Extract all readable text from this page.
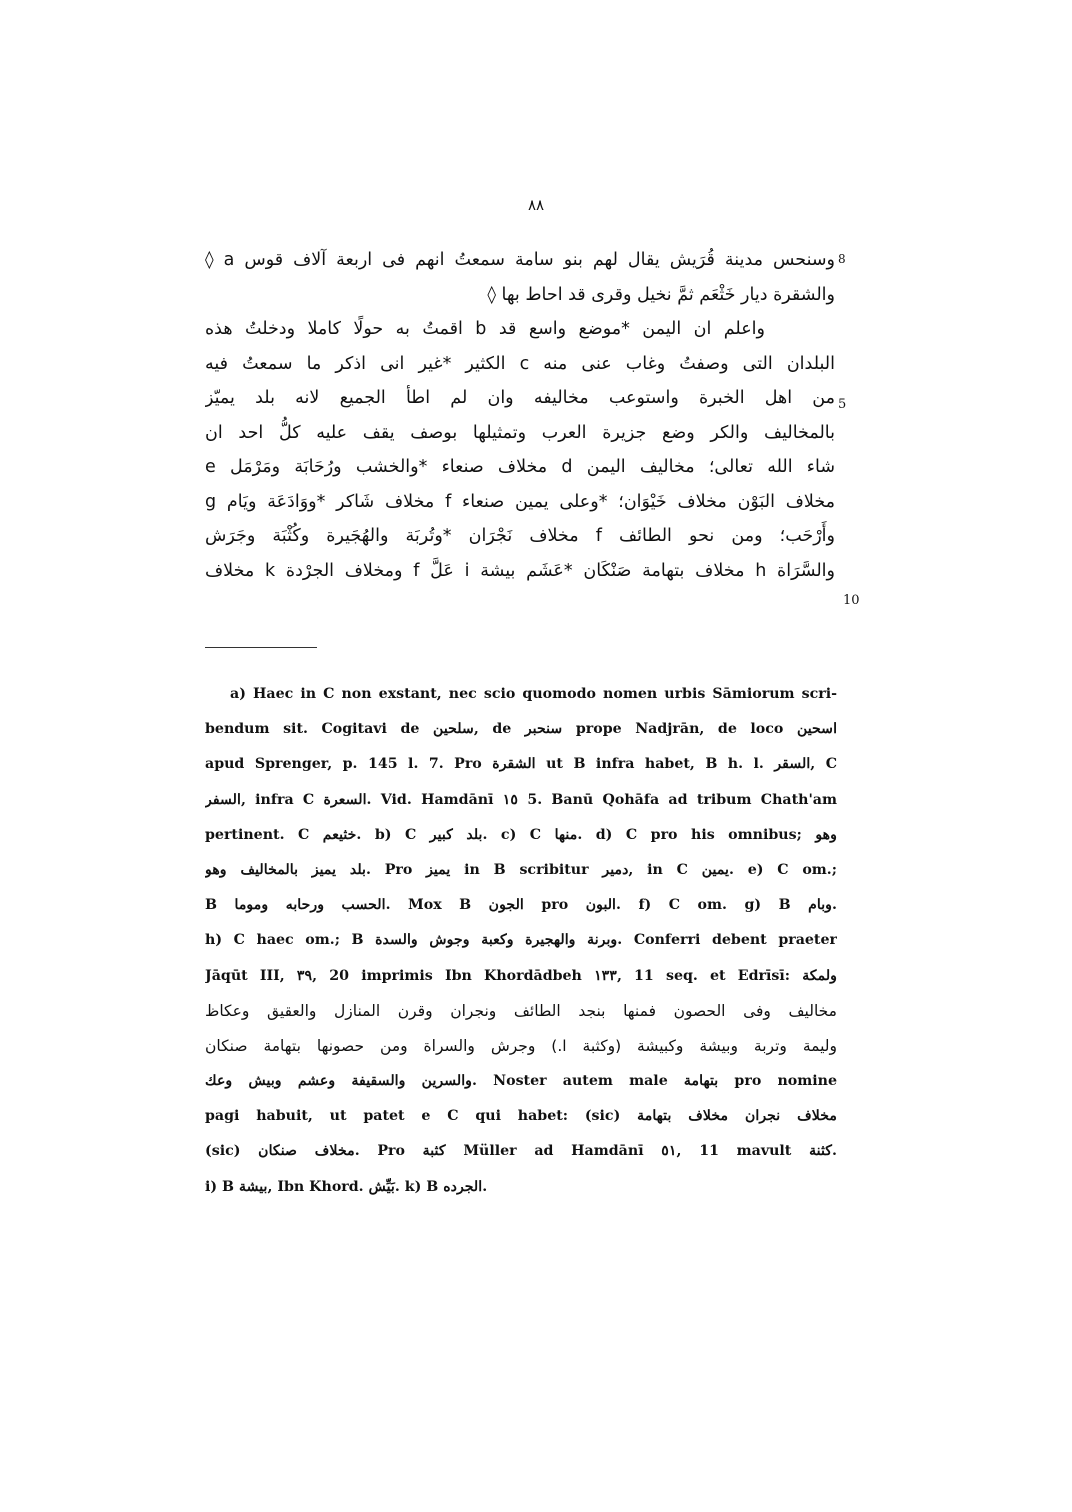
٨٨
8
وسنحس مدينة قُرَيش يقال لهم بنو سامة سمعتُ انهم فى اربعة آلاف قوس a ◊
والشقرة ديار خَثْعَم ثمَّ نخيل وقرى قد احاط بها ◊
واعلم ان اليمن *موضع واسع قد b اقمتُ به حولًا كاملا ودخلتُ هذه
البلدان التى وصفتُ وغاب عنى منه c الكثير *غير انى اذكر ما سمعتُ فيه
من اهل الخبرة واستوعب مخاليفه وان لم اطأ الجميع لانه بلد يميّز
بالمخاليف والكر وضع جزيرة العرب وتمثيلها بوصف يقف عليه كلُّ احد ان
شاء الله تعالى؛ مخاليف اليمن d مخلاف صنعاء *والخشب ورُحَابَة ومَرْمَل e
مخلاف البَوْن مخلاف خَيْوَان؛ *وعلى يمين صنعاء f مخلاف شَاكر *ووَادَعَة ويَام g
وأَرْحَب؛ ومن نحو الطائف f مخلاف نَجْرَان *وتُربَة والهُجَيرة وكُثْبَة وجَرَش
والسَّرَاة h مخلاف بتهامة صَنْكَان *عَشَم بيشة i عَلَّ f ومخلاف الجرْدة k مخلاف
5
10
a) Haec in C non exstant, nec scio quomodo nomen urbis Sāmiorum scri-
bendum sit. Cogitavi de سلحين, de سنحبر prope Nadjrān, de loco اسحين
apud Sprenger, p. 145 l. 7. Pro الشقرة ut B infra habet, B h. l. السقر, C
السفر, infra C السعرة. Vid. Hamdānī ١٥ 5. Banū Qohāfa ad tribum Chath'am
pertinent. C خثيعم. b) C بلد كبير. c) C منها. d) C pro his omnibus; وهو
بلد يميز بالمخاليف وهو. Pro يميز in B scribitur دمير, in C يمين. e) C om.;
B الحسب ورحابه وموما. Mox B الجون pro البون. f) C om. g) B وبام.
h) C haec om.; B وبرنة والهجيرة وكعبة وجوش والسدة. Conferri debent praeter
Jāqūt III, ٣٩, 20 imprimis Ibn Khordādbeh ١٣٣, 11 seq. et Edrīsī: ولمكة
مخاليف وفى الحصون فمنها بنجد الطائف ونجران وقرن المنازل والعقيق وعكاظ
وليمة وتربة وبيشة وكبيشة (وكثبة l.) وجرش والسراة ومن حصونها بتهامة صنكان
والسرين والسقيفة وعشم وبيش وعك. Noster autem male بتهامة pro nomine
pagi habuit, ut patet e C qui habet: (sic) مخلاف نجران مخلاف بتهامة
(sic) مخلاف صنكان. Pro كثبة Müller ad Hamdānī ٥١, 11 mavult كثنة.
i) B بيشة, Ibn Khord. بَيِّش. k) B الجرده.
